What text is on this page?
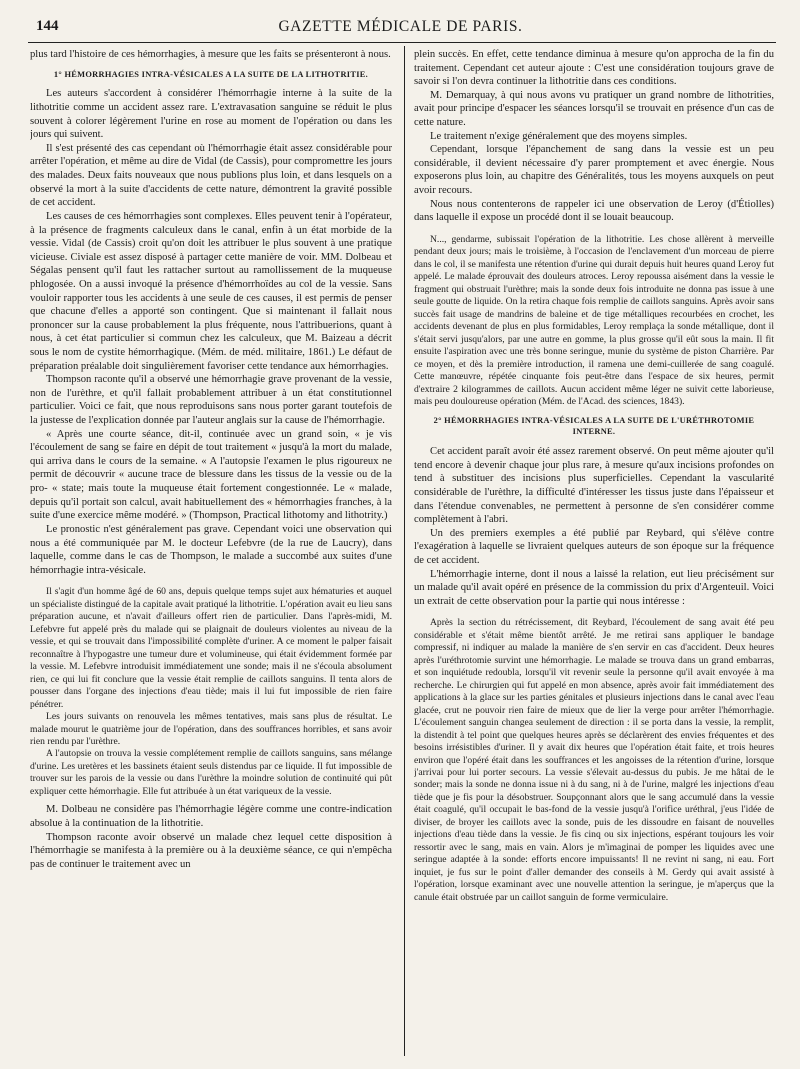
144	GAZETTE MÉDICALE DE PARIS.

plus tard l'histoire de ces hémorrhagies, à mesure que les faits se présenteront à nous.

1° HÉMORRHAGIES INTRA-VÉSICALES A LA SUITE DE LA LITHOTRITIE.

Les auteurs s'accordent à considérer l'hémorrhagie interne à la suite de la lithotritie comme un accident assez rare. L'extravasation sanguine se réduit le plus souvent à colorer légèrement l'urine en rose au moment de l'opération ou dans les jours qui suivent.

Il s'est présenté des cas cependant où l'hémorrhagie était assez considérable pour arrêter l'opération, et même au dire de Vidal (de Cassis), pour compromettre les jours des malades. Deux faits nouveaux que nous publions plus loin, et dans lesquels on a observé la mort à la suite d'accidents de cette nature, démontrent la gravité possible de cet accident.

Les causes de ces hémorrhagies sont complexes. Elles peuvent tenir à l'opérateur, à la présence de fragments calculeux dans le canal, enfin à un état morbide de la vessie. Vidal (de Cassis) croit qu'on doit les attribuer le plus souvent à une pratique vicieuse. Civiale est assez disposé à partager cette manière de voir. MM. Dolbeau et Ségalas pensent qu'il faut les rattacher surtout au ramollissement de la muqueuse phlogosée. On a aussi invoqué la présence d'hémorrhoïdes au col de la vessie. Sans vouloir rapporter tous les accidents à une seule de ces causes, il est permis de penser que chacune d'elles a apporté son contingent. Que si maintenant il fallait nous prononcer sur la cause probablement la plus fréquente, nous l'attribuerions, quant à nous, à cet état particulier si commun chez les calculeux, que M. Baizeau a décrit sous le nom de cystite hémorrhagique. (Mém. de méd. militaire, 1861.) Le défaut de préparation préalable doit singulièrement favoriser cette tendance aux hémorrhagies.

Thompson raconte qu'il a observé une hémorrhagie grave provenant de la vessie, non de l'urèthre, et qu'il fallait probablement attribuer à un état constitutionnel particulier. Voici ce fait, que nous reproduisons sans nous porter garant toutefois de la justesse de l'explication donnée par l'auteur anglais sur la cause de l'hémorrhagie.

« Après une courte séance, dit-il, continuée avec un grand soin, « je vis l'écoulement de sang se faire en dépit de tout traitement « jusqu'à la mort du malade, qui arriva dans le cours de la semaine. « A l'autopsie l'examen le plus rigoureux ne permit de découvrir « aucune trace de blessure dans les tissus de la vessie ou de la pro- « state; mais toute la muqueuse était fortement congestionnée. Le « malade, depuis qu'il portait son calcul, avait habituellement des « hémorrhagies franches, à la suite d'une exercice même modéré. » (Thompson, Practical lithotomy and lithotrity.)

Le pronostic n'est généralement pas grave. Cependant voici une observation qui nous a été communiquée par M. le docteur Lefebvre (de la rue de Laucry), dans laquelle, comme dans le cas de Thompson, le malade a succombé aux suites d'une hémorrhagie intra-vésicale.

Il s'agit d'un homme âgé de 60 ans, depuis quelque temps sujet aux hématuries et auquel un spécialiste distingué de la capitale avait pratiqué la lithotritie. L'opération avait eu lieu sans préparation aucune, et n'avait d'ailleurs offert rien de particulier. Dans l'après-midi, M. Lefebvre fut appelé près du malade qui se plaignait de douleurs violentes au niveau de la vessie, et qui se trouvait dans l'impossibilité complète d'uriner. A ce moment le palper faisait reconnaître à l'hypogastre une tumeur dure et volumineuse, qui était évidemment formée par la vessie. M. Lefebvre introduisit immédiatement une sonde; mais il ne s'écoula absolument rien, ce qui lui fit conclure que la vessie était remplie de caillots sanguins. Il tenta alors de pousser dans l'organe des injections d'eau tiède; mais il lui fut impossible de rien faire pénétrer.

Les jours suivants on renouvela les mêmes tentatives, mais sans plus de résultat. Le malade mourut le quatrième jour de l'opération, dans des souffrances horribles, et sans avoir rien rendu par l'urèthre.

A l'autopsie on trouva la vessie complétement remplie de caillots sanguins, sans mélange d'urine. Les uretères et les bassinets étaient seuls distendus par ce liquide. Il fut impossible de trouver sur les parois de la vessie ou dans l'urèthre la moindre solution de continuité qui pût expliquer cette hémorrhagie. Elle fut attribuée à un état variqueux de la vessie.

M. Dolbeau ne considère pas l'hémorrhagie légère comme une contre-indication absolue à la continuation de la lithotritie.

Thompson raconte avoir observé un malade chez lequel cette disposition à l'hémorrhagie se manifesta à la première ou à la deuxième séance, ce qui n'empêcha pas de continuer le traitement avec un

plein succès. En effet, cette tendance diminua à mesure qu'on approcha de la fin du traitement. Cependant cet auteur ajoute : C'est une considération toujours grave de savoir si l'on devra continuer la lithotritie dans ces conditions.

M. Demarquay, à qui nous avons vu pratiquer un grand nombre de lithotrities, avait pour principe d'espacer les séances lorsqu'il se trouvait en présence d'un cas de cette nature.

Le traitement n'exige généralement que des moyens simples.

Cependant, lorsque l'épanchement de sang dans la vessie est un peu considérable, il devient nécessaire d'y parer promptement et avec énergie. Nous exposerons plus loin, au chapitre des Généralités, tous les moyens auxquels on peut avoir recours.

Nous nous contenterons de rappeler ici une observation de Leroy (d'Étiolles) dans laquelle il expose un procédé dont il se louait beaucoup.

N..., gendarme, subissait l'opération de la lithotritie. Les chose allèrent à merveille pendant deux jours; mais le troisième, à l'occasion de l'enclavement d'un morceau de pierre dans le col, il se manifesta une rétention d'urine qui durait depuis huit heures quand Leroy fut appelé. Le malade éprouvait des douleurs atroces. Leroy repoussa aisément dans la vessie le fragment qui obstruait l'urèthre; mais la sonde deux fois introduite ne donna pas issue à une seule goutte de liquide. On la retira chaque fois remplie de caillots sanguins. Après avoir sans succès fait usage de mandrins de baleine et de tige métalliques recourbées en crochet, les accidents devenant de plus en plus formidables, Leroy remplaça la sonde métallique, dont il s'était servi jusqu'alors, par une autre en gomme, la plus grosse qu'il eût sous la main. Il fit ensuite l'aspiration avec une très bonne seringue, munie du système de piston Charrière. Par ce moyen, et dès la première introduction, il ramena une demi-cuillerée de sang coagulé. Cette manœuvre, répétée cinquante fois peut-être dans l'espace de six heures, permit d'extraire 2 kilogrammes de caillots. Aucun accident même léger ne suivit cette laborieuse, mais peu douloureuse opération (Mém. de l'Acad. des sciences, 1843).

2° HÉMORRHAGIES INTRA-VÉSICALES A LA SUITE DE L'URÉTHROTOMIE INTERNE.

Cet accident paraît avoir été assez rarement observé. On peut même ajouter qu'il tend encore à devenir chaque jour plus rare, à mesure qu'aux incisions profondes on tend à substituer des incisions plus superficielles. Cependant la vascularité considérable de l'urèthre, la difficulté d'intéresser les tissus juste dans l'épaisseur et dans l'étendue convenables, ne permettent à personne de s'en considérer comme complètement à l'abri.

Un des premiers exemples a été publié par Reybard, qui s'élève contre l'exagération à laquelle se livraient quelques auteurs de son époque sur la fréquence de cet accident.

L'hémorrhagie interne, dont il nous a laissé la relation, eut lieu précisément sur un malade qu'il avait opéré en présence de la commission du prix d'Argenteuil. Voici un extrait de cette observation pour la partie qui nous intéresse :

Après la section du rétrécissement, dit Reybard, l'écoulement de sang avait été peu considérable et s'était même bientôt arrêté. Je me retirai sans appliquer le bandage compressif, ni indiquer au malade la manière de s'en servir en cas d'accident. Deux heures après l'uréthrotomie survint une hémorrhagie. Le malade se trouva dans un grand embarras, et son inquiétude redoubla, lorsqu'il vit revenir seule la personne qu'il avait envoyée à ma recherche. Le chirurgien qui fut appelé en mon absence, après avoir fait immédiatement des applications à la glace sur les parties génitales et plusieurs injections dans le canal avec l'eau glacée, crut ne pouvoir rien faire de mieux que de lier la verge pour arrêter l'hémorrhagie. L'écoulement sanguin changea seulement de direction : il se porta dans la vessie, la remplit, la distendit à tel point que quelques heures après se déclarèrent des envies fréquentes et des besoins irrésistibles d'uriner. Il y avait dix heures que l'opération était faite, et trois heures environ que l'opéré était dans les souffrances et les angoisses de la rétention d'urine, lorsque j'arrivai pour lui porter secours. La vessie s'élevait au-dessus du pubis. Je me hâtai de le sonder; mais la sonde ne donna issue ni à du sang, ni à de l'urine, malgré les injections d'eau tiède que je fis pour la désobstruer. Soupçonnant alors que le sang accumulé dans la vessie était coagulé, qu'il occupait le bas-fond de la vessie jusqu'à l'orifice uréthral, j'eus l'idée de diviser, de broyer les caillots avec la sonde, puis de les dissoudre en faisant de nouvelles injections d'eau tiède dans la vessie. Je fis cinq ou six injections, espérant toujours les voir ressortir avec le sang, mais en vain. Alors je m'imaginai de pomper les liquides avec une seringue adaptée à la sonde: efforts encore impuissants! Il ne revint ni sang, ni eau. Fort inquiet, je fus sur le point d'aller demander des conseils à M. Gerdy qui avait assisté à l'opération, lorsque examinant avec une nouvelle attention la seringue, je m'aperçus que la canule était obstruée par un caillot sanguin de forme vermiculaire.
